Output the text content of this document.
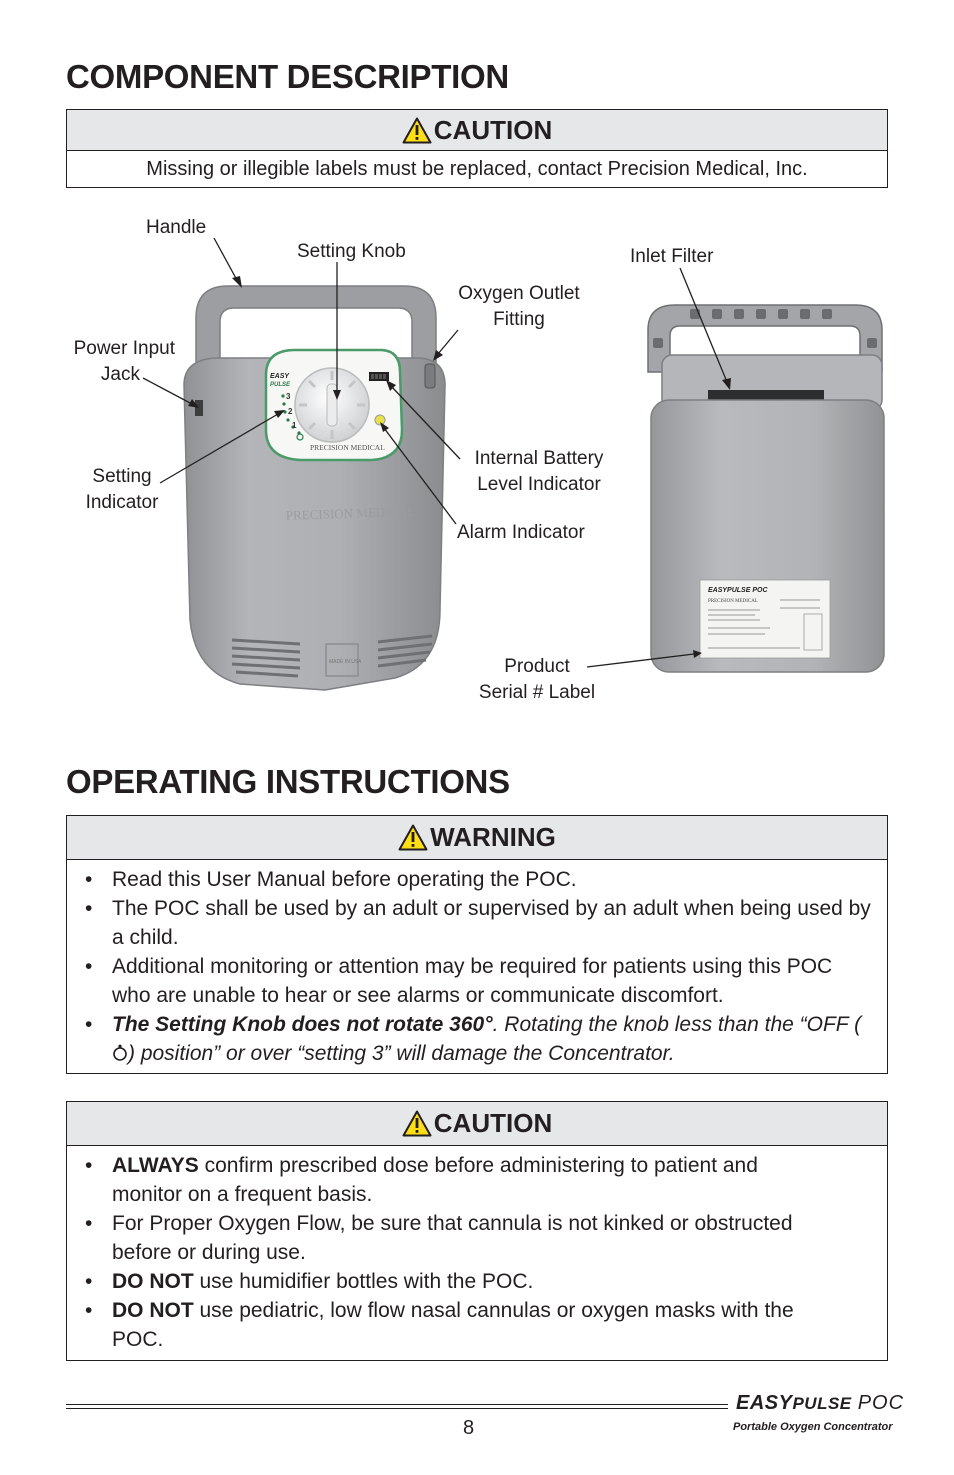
COMPONENT DESCRIPTION
CAUTION
Missing or illegible labels must be replaced, contact Precision Medical, Inc.
3
2
1
EASY
PULSE
PRECISION MEDICAL
PRECISION MEDICAL
MADE IN USA
EASYPULSE POC
PRECISION MEDICAL
Handle
Setting Knob	Inlet Filter
Oxygen Outlet
Fitting
Power Input
Jack
Setting
Indicator
Internal Battery
Level Indicator
Alarm Indicator
Product
Serial # Label
OPERATING INSTRUCTIONS
WARNING
• Read this User Manual before operating the POC.
• The POC shall be used by an adult or supervised by an adult when being used by a child.
• Additional monitoring or attention may be required for patients using this POC who are unable to hear or see alarms or communicate discomfort.
• The Setting Knob does not rotate 360°. Rotating the knob less than the “OFF () position” or over “setting 3” will damage the Concentrator.
CAUTION
• ALWAYS confirm prescribed dose before administering to patient and monitor on a frequent basis.
• For Proper Oxygen Flow, be sure that cannula is not kinked or obstructed before or during use.
• DO NOT use humidifier bottles with the POC.
• DO NOT use pediatric, low flow nasal cannulas or oxygen masks with the POC.
8
EASYPULSE POC
Portable Oxygen Concentrator
